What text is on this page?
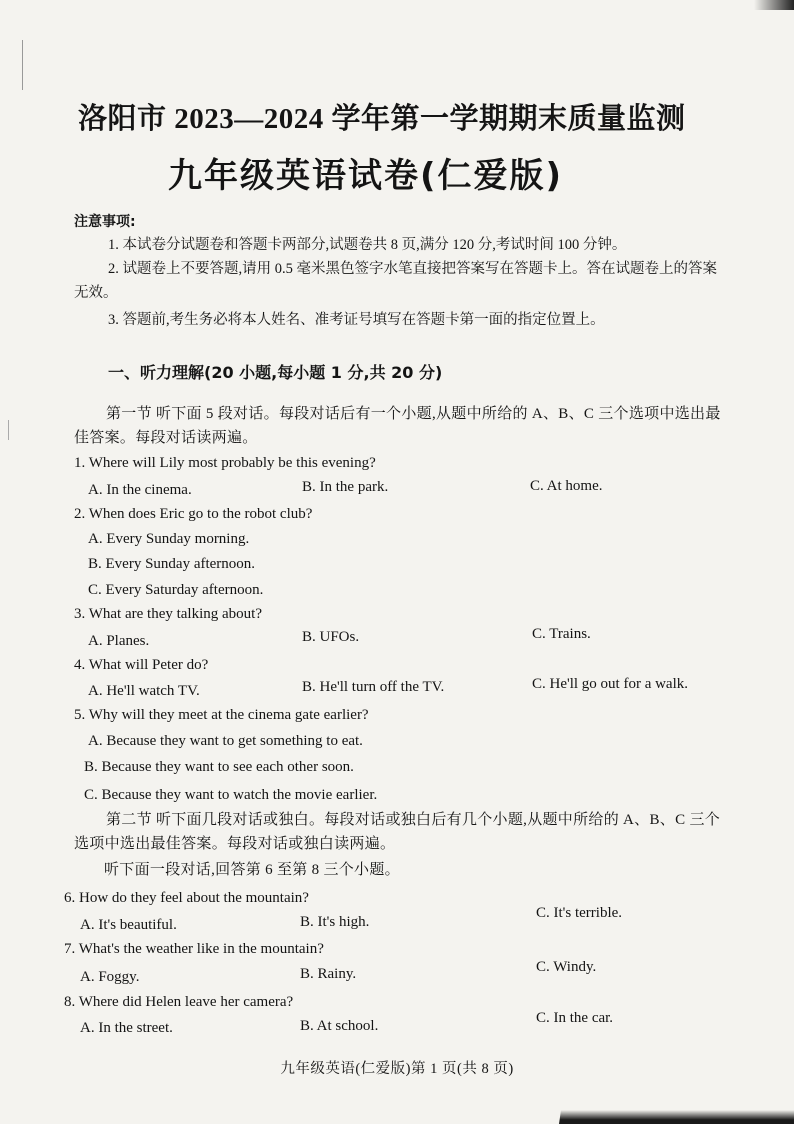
洛阳市 2023—2024 学年第一学期期末质量监测
九年级英语试卷(仁爱版)
注意事项:
1. 本试卷分试题卷和答题卡两部分,试题卷共 8 页,满分 120 分,考试时间 100 分钟。
2. 试题卷上不要答题,请用 0.5 毫米黑色签字水笔直接把答案写在答题卡上。答在试题卷上的答案无效。
3. 答题前,考生务必将本人姓名、准考证号填写在答题卡第一面的指定位置上。
一、听力理解(20 小题,每小题 1 分,共 20 分)
第一节 听下面 5 段对话。每段对话后有一个小题,从题中所给的 A、B、C 三个选项中选出最佳答案。每段对话读两遍。
1. Where will Lily most probably be this evening?
A. In the cinema.	B. In the park.	C. At home.
2. When does Eric go to the robot club?
A. Every Sunday morning.
B. Every Sunday afternoon.
C. Every Saturday afternoon.
3. What are they talking about?
A. Planes.	B. UFOs.	C. Trains.
4. What will Peter do?
A. He'll watch TV.	B. He'll turn off the TV.	C. He'll go out for a walk.
5. Why will they meet at the cinema gate earlier?
A. Because they want to get something to eat.
B. Because they want to see each other soon.
C. Because they want to watch the movie earlier.
第二节 听下面几段对话或独白。每段对话或独白后有几个小题,从题中所给的 A、B、C 三个选项中选出最佳答案。每段对话或独白读两遍。
听下面一段对话,回答第 6 至第 8 三个小题。
6. How do they feel about the mountain?
A. It's beautiful.	B. It's high.
C. It's terrible.
7. What's the weather like in the mountain?
A. Foggy.	B. Rainy.	C. Windy.
8. Where did Helen leave her camera?
A. In the street.	B. At school.	C. In the car.
九年级英语(仁爱版)第 1 页(共 8 页)
